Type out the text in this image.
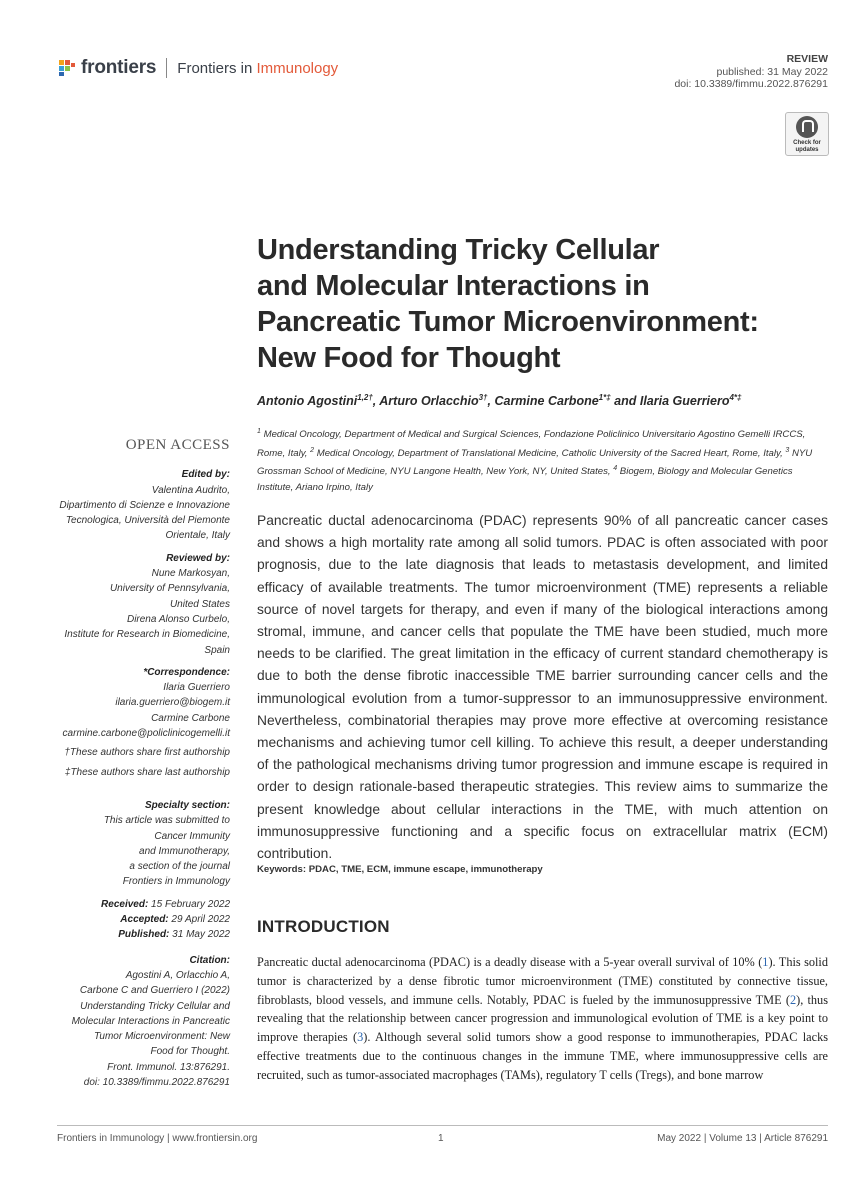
frontiers Frontiers in Immunology
REVIEW
published: 31 May 2022
doi: 10.3389/fimmu.2022.876291
Check for
updates
Understanding Tricky Cellular
and Molecular Interactions in
Pancreatic Tumor Microenvironment:
New Food for Thought
Antonio Agostini$^{1,2\dagger}$, Arturo Orlacchio$^{3\dagger}$, Carmine Carbone$^{1*\ddagger}$ and Ilaria Guerriero$^{4*\ddagger}$
$^1$ Medical Oncology, Department of Medical and Surgical Sciences, Fondazione Policlinico Universitario Agostino Gemelli IRCCS, Rome, Italy, $^2$ Medical Oncology, Department of Translational Medicine, Catholic University of the Sacred Heart, Rome, Italy, $^3$ NYU Grossman School of Medicine, NYU Langone Health, New York, NY, United States, $^4$ Biogem, Biology and Molecular Genetics Institute, Ariano Irpino, Italy
OPEN ACCESS
Edited by:
Valentina Audrito,
Dipartimento di Scienze e Innovazione
Tecnologica, Università del Piemonte
Orientale, Italy
Reviewed by:
Nune Markosyan,
University of Pennsylvania,
United States
Direna Alonso Curbelo,
Institute for Research in Biomedicine,
Spain
*Correspondence:
Ilaria Guerriero
ilaria.guerriero@biogem.it
Carmine Carbone
carmine.carbone@policlinicogemelli.it
†These authors share first authorship
‡These authors share last authorship
Specialty section:
This article was submitted to
Cancer Immunity
and Immunotherapy,
a section of the journal
Frontiers in Immunology
Received: 15 February 2022
Accepted: 29 April 2022
Published: 31 May 2022
Citation:
Agostini A, Orlacchio A,
Carbone C and Guerriero I (2022)
Understanding Tricky Cellular and
Molecular Interactions in Pancreatic
Tumor Microenvironment: New
Food for Thought.
Front. Immunol. 13:876291.
doi: 10.3389/fimmu.2022.876291
Pancreatic ductal adenocarcinoma (PDAC) represents 90% of all pancreatic cancer cases and shows a high mortality rate among all solid tumors. PDAC is often associated with poor prognosis, due to the late diagnosis that leads to metastasis development, and limited efficacy of available treatments. The tumor microenvironment (TME) represents a reliable source of novel targets for therapy, and even if many of the biological interactions among stromal, immune, and cancer cells that populate the TME have been studied, much more needs to be clarified. The great limitation in the efficacy of current standard chemotherapy is due to both the dense fibrotic inaccessible TME barrier surrounding cancer cells and the immunological evolution from a tumor-suppressor to an immunosuppressive environment. Nevertheless, combinatorial therapies may prove more effective at overcoming resistance mechanisms and achieving tumor cell killing. To achieve this result, a deeper understanding of the pathological mechanisms driving tumor progression and immune escape is required in order to design rationale-based therapeutic strategies. This review aims to summarize the present knowledge about cellular interactions in the TME, with much attention on immunosuppressive functioning and a specific focus on extracellular matrix (ECM) contribution.
Keywords: PDAC, TME, ECM, immune escape, immunotherapy
INTRODUCTION
Pancreatic ductal adenocarcinoma (PDAC) is a deadly disease with a 5-year overall survival of 10% (1). This solid tumor is characterized by a dense fibrotic tumor microenvironment (TME) constituted by connective tissue, fibroblasts, blood vessels, and immune cells. Notably, PDAC is fueled by the immunosuppressive TME (2), thus revealing that the relationship between cancer progression and immunological evolution of TME is a key point to improve therapies (3). Although several solid tumors show a good response to immunotherapies, PDAC lacks effective treatments due to the continuous changes in the immune TME, where immunosuppressive cells are recruited, such as tumor-associated macrophages (TAMs), regulatory T cells (Tregs), and bone marrow
Frontiers in Immunology | www.frontiersin.org	1	May 2022 | Volume 13 | Article 876291
